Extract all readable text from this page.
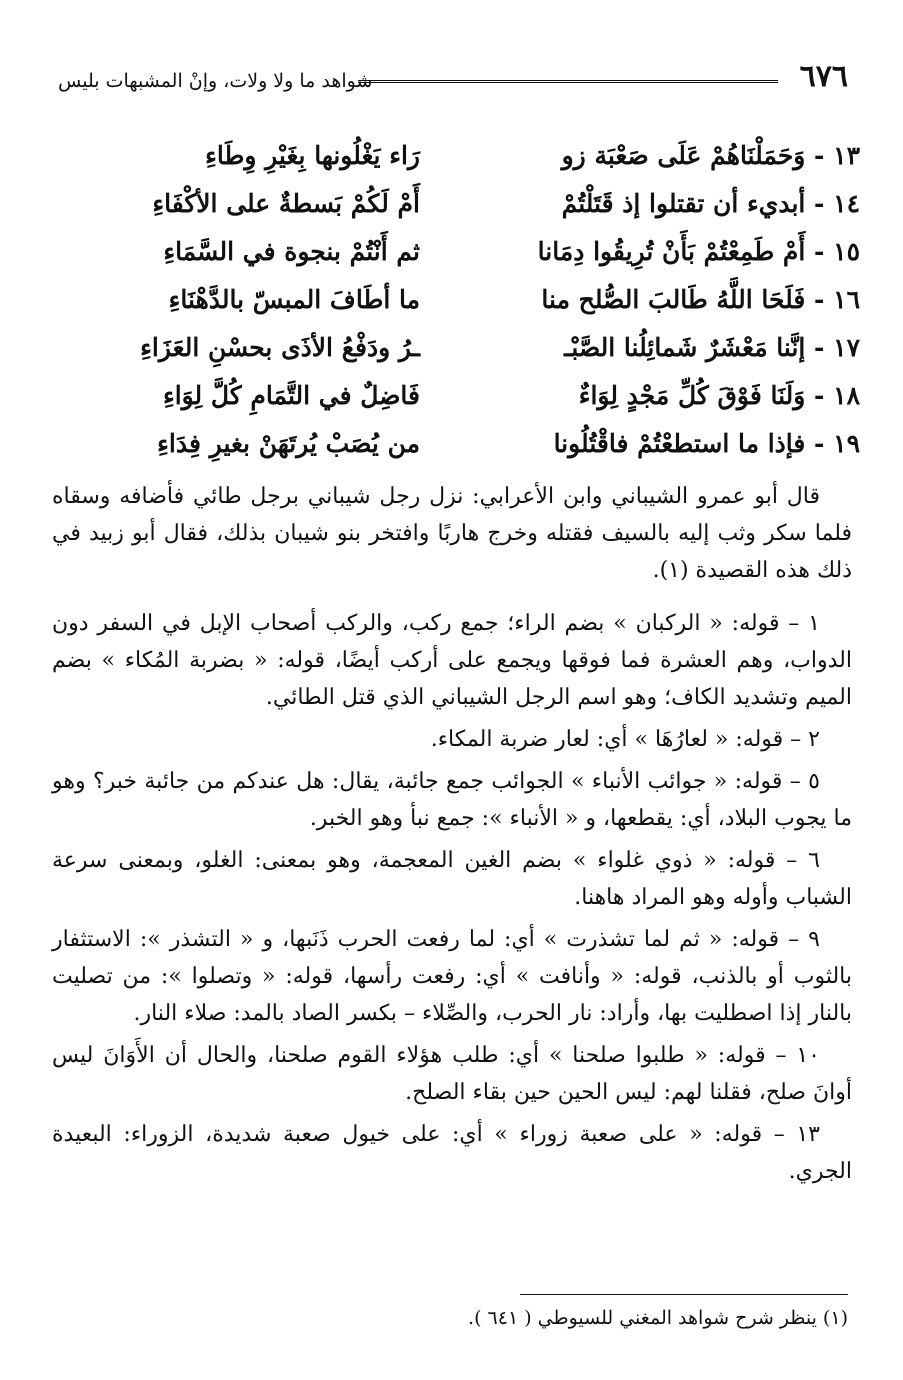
٦٧٦
شواهد ما ولا ولات، وإنْ المشبهات بليس
١٣ - وَحَمَلْنَاهُمْ عَلَى صَعْبَة زو
رَاء يَغْلُونها بِغَيْرِ وِطَاءِ
١٤ - أبديء أن تقتلوا إذ قَتَلْتُمْ
أَمْ لَكُمْ بَسطةٌ على الأكْفَاءِ
١٥ - أَمْ طَمِعْتُمْ بَأَنْ تُرِيقُوا دِمَانا
ثم أَنْتُمْ بنجوة في السَّمَاءِ
١٦ - فَلَحَا اللَّهُ طَالبَ الصُّلح منا
ما أطَافَ المبسّ بالدَّهْنَاءِ
١٧ - إنَّنا مَعْشَرٌ شَمائِلُنا الصَّبْـ
ـرُ ودَفْعُ الأذَى بحسْنِ العَزَاءِ
١٨ - وَلَنَا فَوْقَ كُلِّ مَجْدٍ لِوَاءٌ
فَاضِلٌ في التَّمَامِ كُلَّ لِوَاءِ
١٩ - فإذا ما استطعْتُمْ فاقْتُلُونا
من يُصَبْ يُرتَهَنْ بغيرِ فِدَاءِ
قال أبو عمرو الشيباني وابن الأعرابي: نزل رجل شيباني برجل طائي فأضافه وسقاه فلما سكر وثب إليه بالسيف فقتله وخرج هاربًا وافتخر بنو شيبان بذلك، فقال أبو زبيد في ذلك هذه القصيدة (١).

١ – قوله: « الركبان » بضم الراء؛ جمع ركب، والركب أصحاب الإبل في السفر دون الدواب، وهم العشرة فما فوقها ويجمع على أركب أيضًا، قوله: « بضربة المُكاء » بضم الميم وتشديد الكاف؛ وهو اسم الرجل الشيباني الذي قتل الطائي.

٢ – قوله: « لعارُهَا » أي: لعار ضربة المكاء.

٥ – قوله: « جوائب الأنباء » الجوائب جمع جائبة، يقال: هل عندكم من جائبة خبر؟ وهو ما يجوب البلاد، أي: يقطعها، و « الأنباء »: جمع نبأ وهو الخبر.

٦ – قوله: « ذوي غلواء » بضم الغين المعجمة، وهو بمعنى: الغلو، وبمعنى سرعة الشباب وأوله وهو المراد هاهنا.

٩ – قوله: « ثم لما تشذرت » أي: لما رفعت الحرب ذَنَبها، و « التشذر »: الاستثفار بالثوب أو بالذنب، قوله: « وأنافت » أي: رفعت رأسها، قوله: « وتصلوا »: من تصليت بالنار إذا اصطليت بها، وأراد: نار الحرب، والصِّلاء – بكسر الصاد بالمد: صلاء النار.

١٠ – قوله: « طلبوا صلحنا » أي: طلب هؤلاء القوم صلحنا، والحال أن الأَوَانَ ليس أوانَ صلح، فقلنا لهم: ليس الحين حين بقاء الصلح.

١٣ – قوله: « على صعبة زوراء » أي: على خيول صعبة شديدة، الزوراء: البعيدة الجري.

(١) ينظر شرح شواهد المغني للسيوطي ( ٦٤١ ).
